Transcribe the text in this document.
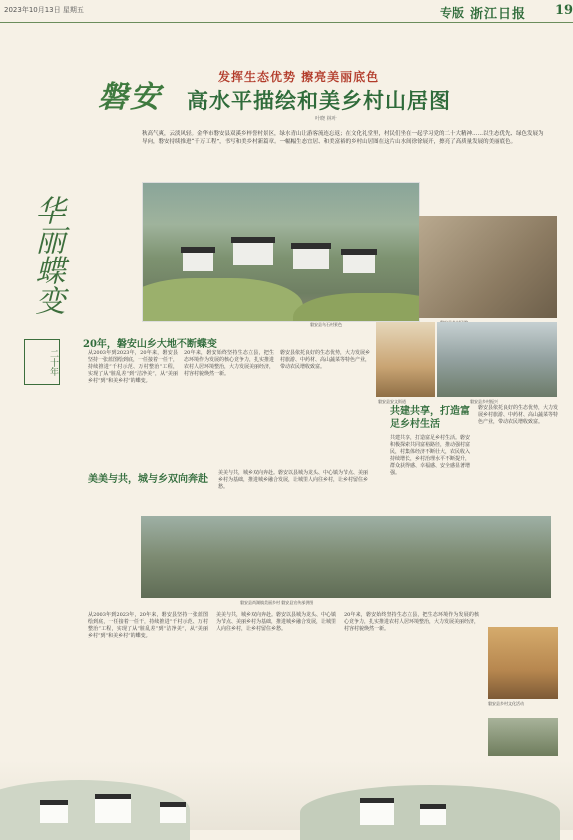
2023年10月13日 星期五	专版 浙江日报 19
磐安
发挥生态优势 擦亮美丽底色
高水平描绘和美乡村山居图
叶晓 林叶
秋高气爽，云淡风轻。金华市磐安县双溪乡梓誉村景区，绿水青山让游客流连忘返；在文化礼堂里，村民们坐在一起学习党的二十大精神……以生态优先、绿色发展为导向，磐安持续推进“千万工程”，书写和美乡村新篇章。一幅幅生态宜居、和美富裕的乡村山居图在这片山水间徐徐展开，擦亮了高质量发展的美丽底色。
华丽蝶变
二十年
磐安县乌石村景色
磐安县安文街道	磐安县乡村振兴
20年，磐安山乡大地不断蝶变
从2003年到2023年，20年来，磐安县坚持一张蓝图绘到底，一任接着一任干，持续推进“千村示范、万村整治”工程，实现了从“脏乱差”到“洁净美”，从“美丽乡村”到“和美乡村”的蝶变。
20年来，磐安始终坚持生态立县，把生态环境作为发展的核心竞争力，扎实推进农村人居环境整治，大力发展美丽经济，村容村貌焕然一新。
磐安县依托良好的生态优势，大力发展乡村旅游、中药材、高山蔬菜等特色产业，带动农民增收致富。
共建共享，打造富足乡村生活
共建共享，打造富足乡村生活。磐安积极探索共同富裕路径，推动强村富民，村集体经济不断壮大，农民收入持续增长，乡村治理水平不断提升，群众获得感、幸福感、安全感显著增强。
磐安县依托良好的生态优势，大力发展乡村旅游、中药材、高山蔬菜等特色产业，带动农民增收致富。
美美与共，城与乡双向奔赴
美美与共，城乡双向奔赴。磐安以县城为龙头、中心镇为节点、美丽乡村为基础，推进城乡融合发展，让城里人向往乡村，让乡村留住乡愁。
磐安县尚湖镇美丽乡村 磐安县宣传部供图
从2003年到2023年，20年来，磐安县坚持一张蓝图绘到底，一任接着一任干，持续推进“千村示范、万村整治”工程，实现了从“脏乱差”到“洁净美”，从“美丽乡村”到“和美乡村”的蝶变。
美美与共，城乡双向奔赴。磐安以县城为龙头、中心镇为节点、美丽乡村为基础，推进城乡融合发展，让城里人向往乡村，让乡村留住乡愁。
20年来，磐安始终坚持生态立县，把生态环境作为发展的核心竞争力，扎实推进农村人居环境整治，大力发展美丽经济，村容村貌焕然一新。
磐安县乡村文化活动
